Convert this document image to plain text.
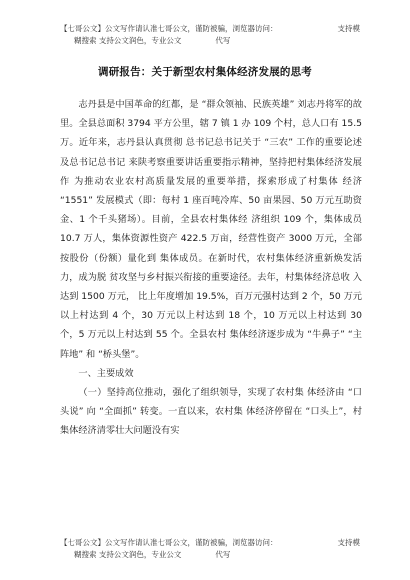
【七哥公文】公文写作请认准七哥公文，谨防被骗，浏览器访问：	支持模
糊搜索 支持公文润色，专业公文	代写
调研报告：关于新型农村集体经济发展的思考

志丹县是中国革命的红都，是 “群众领袖、民族英雄” 刘志丹将军的故里。全县总面积 3794 平方公里，辖 7 镇 1 办 109 个村，总人口有 15.5 万。近年来，志丹县认真贯彻 总书记总书记关于 “三农” 工作的重要论述及总书记总书记 来陕考察重要讲话重要指示精神，坚持把村集体经济发展作 为推动农业农村高质量发展的重要举措，探索形成了村集体 经济 “1551” 发展模式（即：每村 1 座百吨冷库、50 亩果园、50 万元互助资金、1 个千头猪场）。目前，全县农村集体经 济组织 109 个，集体成员 10.7 万人，集体资源性资产 422.5 万亩，经营性资产 3000 万元，全部按股份（份额）量化到 集体成员。在新时代，农村集体经济重新焕发活力，成为脱 贫攻坚与乡村振兴衔接的重要途径。去年，村集体经济总收 入达到 1500 万元， 比上年度增加 19.5%，百万元强村达到 2 个，50 万元以上村达到 4 个，30 万元以上村达到 18 个，10 万元以上村达到 30 个，5 万元以上村达到 55 个。全县农村 集体经济逐步成为 “牛鼻子” “主阵地” 和 “桥头堡”。

一、主要成效

（一）坚持高位推动，强化了组织领导，实现了农村集 体经济由 “口头说” 向 “全面抓” 转变。一直以来，农村集 体经济停留在 “口头上”，村集体经济清零壮大问题没有实

【七哥公文】公文写作请认准七哥公文，谨防被骗，浏览器访问：	支持模
糊搜索 支持公文润色，专业公文	代写
